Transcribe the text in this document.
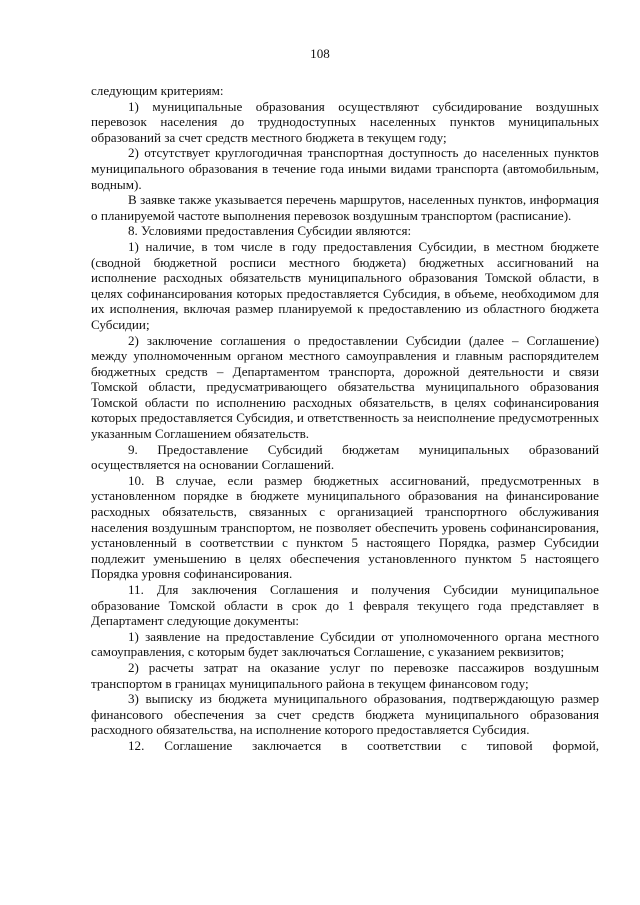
108

следующим критериям:

1) муниципальные образования осуществляют субсидирование воздушных перевозок населения до труднодоступных населенных пунктов муниципальных образований за счет средств местного бюджета в текущем году;

2) отсутствует круглогодичная транспортная доступность до населенных пунктов муниципального образования в течение года иными видами транспорта (автомобильным, водным).

В заявке также указывается перечень маршрутов, населенных пунктов, информация о планируемой частоте выполнения перевозок воздушным транспортом (расписание).

8. Условиями предоставления Субсидии являются:

1) наличие, в том числе в году предоставления Субсидии, в местном бюджете (сводной бюджетной росписи местного бюджета) бюджетных ассигнований на исполнение расходных обязательств муниципального образования Томской области, в целях софинансирования которых предоставляется Субсидия, в объеме, необходимом для их исполнения, включая размер планируемой к предоставлению из областного бюджета Субсидии;

2) заключение соглашения о предоставлении Субсидии (далее – Соглашение) между уполномоченным органом местного самоуправления и главным распорядителем бюджетных средств – Департаментом транспорта, дорожной деятельности и связи Томской области, предусматривающего обязательства муниципального образования Томской области по исполнению расходных обязательств, в целях софинансирования которых предоставляется Субсидия, и ответственность за неисполнение предусмотренных указанным Соглашением обязательств.

9. Предоставление Субсидий бюджетам муниципальных образований осуществляется на основании Соглашений.

10. В случае, если размер бюджетных ассигнований, предусмотренных в установленном порядке в бюджете муниципального образования на финансирование расходных обязательств, связанных с организацией транспортного обслуживания населения воздушным транспортом, не позволяет обеспечить уровень софинансирования, установленный в соответствии с пунктом 5 настоящего Порядка, размер Субсидии подлежит уменьшению в целях обеспечения установленного пунктом 5 настоящего Порядка уровня софинансирования.

11. Для заключения Соглашения и получения Субсидии муниципальное образование Томской области в срок до 1 февраля текущего года представляет в Департамент следующие документы:

1) заявление на предоставление Субсидии от уполномоченного органа местного самоуправления, с которым будет заключаться Соглашение, с указанием реквизитов;

2) расчеты затрат на оказание услуг по перевозке пассажиров воздушным транспортом в границах муниципального района в текущем финансовом году;

3) выписку из бюджета муниципального образования, подтверждающую размер финансового обеспечения за счет средств бюджета муниципального образования расходного обязательства, на исполнение которого предоставляется Субсидия.

12. Соглашение заключается в соответствии с типовой формой,
